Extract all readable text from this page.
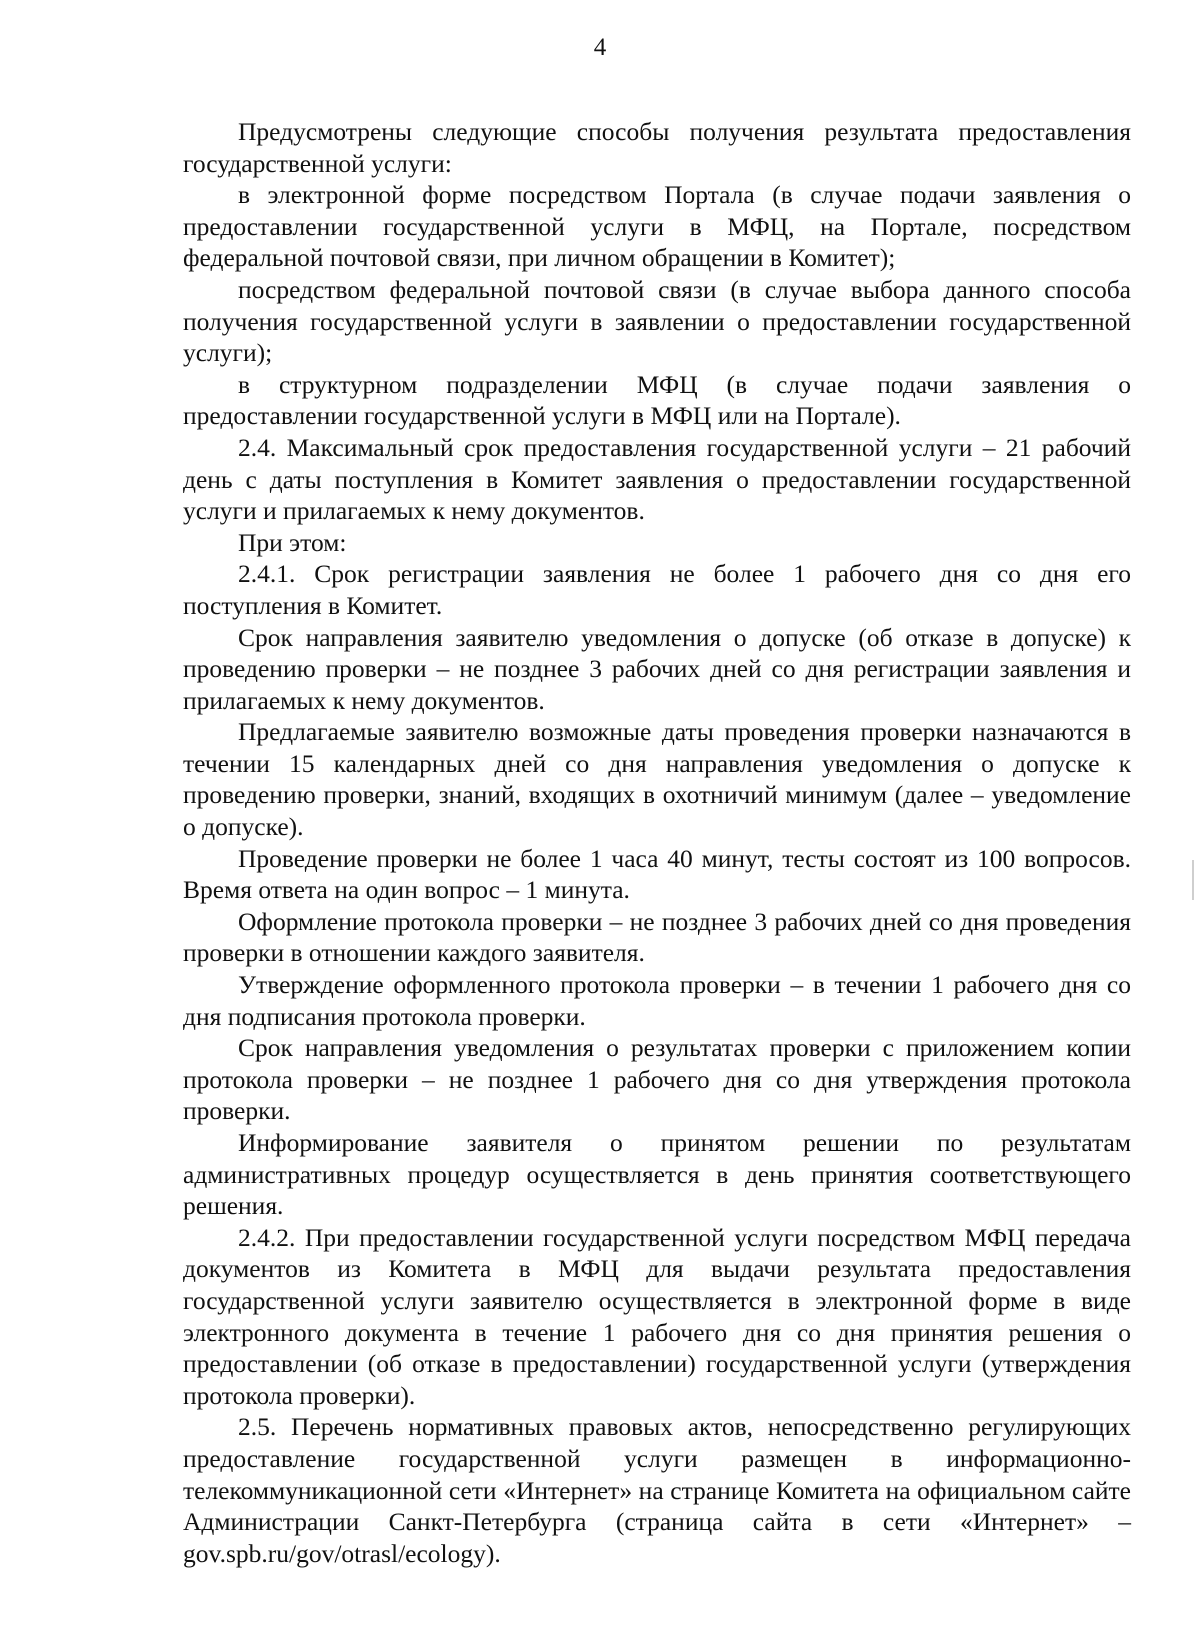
4

Предусмотрены следующие способы получения результата предоставления государственной услуги:

в электронной форме посредством Портала (в случае подачи заявления о предоставлении государственной услуги в МФЦ, на Портале, посредством федеральной почтовой связи, при личном обращении в Комитет);

посредством федеральной почтовой связи (в случае выбора данного способа получения государственной услуги в заявлении о предоставлении государственной услуги);

в структурном подразделении МФЦ (в случае подачи заявления о предоставлении государственной услуги в МФЦ или на Портале).

2.4. Максимальный срок предоставления государственной услуги – 21 рабочий день с даты поступления в Комитет заявления о предоставлении государственной услуги и прилагаемых к нему документов.

При этом:

2.4.1. Срок регистрации заявления не более 1 рабочего дня со дня его поступления в Комитет.

Срок направления заявителю уведомления о допуске (об отказе в допуске) к проведению проверки – не позднее 3 рабочих дней со дня регистрации заявления и прилагаемых к нему документов.

Предлагаемые заявителю возможные даты проведения проверки назначаются в течении 15 календарных дней со дня направления уведомления о допуске к проведению проверки, знаний, входящих в охотничий минимум (далее – уведомление о допуске).

Проведение проверки не более 1 часа 40 минут, тесты состоят из 100 вопросов. Время ответа на один вопрос – 1 минута.

Оформление протокола проверки – не позднее 3 рабочих дней со дня проведения проверки в отношении каждого заявителя.

Утверждение оформленного протокола проверки – в течении 1 рабочего дня со дня подписания протокола проверки.

Срок направления уведомления о результатах проверки с приложением копии протокола проверки – не позднее 1 рабочего дня со дня утверждения протокола проверки.

Информирование заявителя о принятом решении по результатам административных процедур осуществляется в день принятия соответствующего решения.

2.4.2. При предоставлении государственной услуги посредством МФЦ передача документов из Комитета в МФЦ для выдачи результата предоставления государственной услуги заявителю осуществляется в электронной форме в виде электронного документа в течение 1 рабочего дня со дня принятия решения о предоставлении (об отказе в предоставлении) государственной услуги (утверждения протокола проверки).

2.5. Перечень нормативных правовых актов, непосредственно регулирующих предоставление государственной услуги размещен в информационно-телекоммуникационной сети «Интернет» на странице Комитета на официальном сайте Администрации Санкт-Петербурга (страница сайта в сети «Интернет» – gov.spb.ru/gov/otrasl/ecology).
